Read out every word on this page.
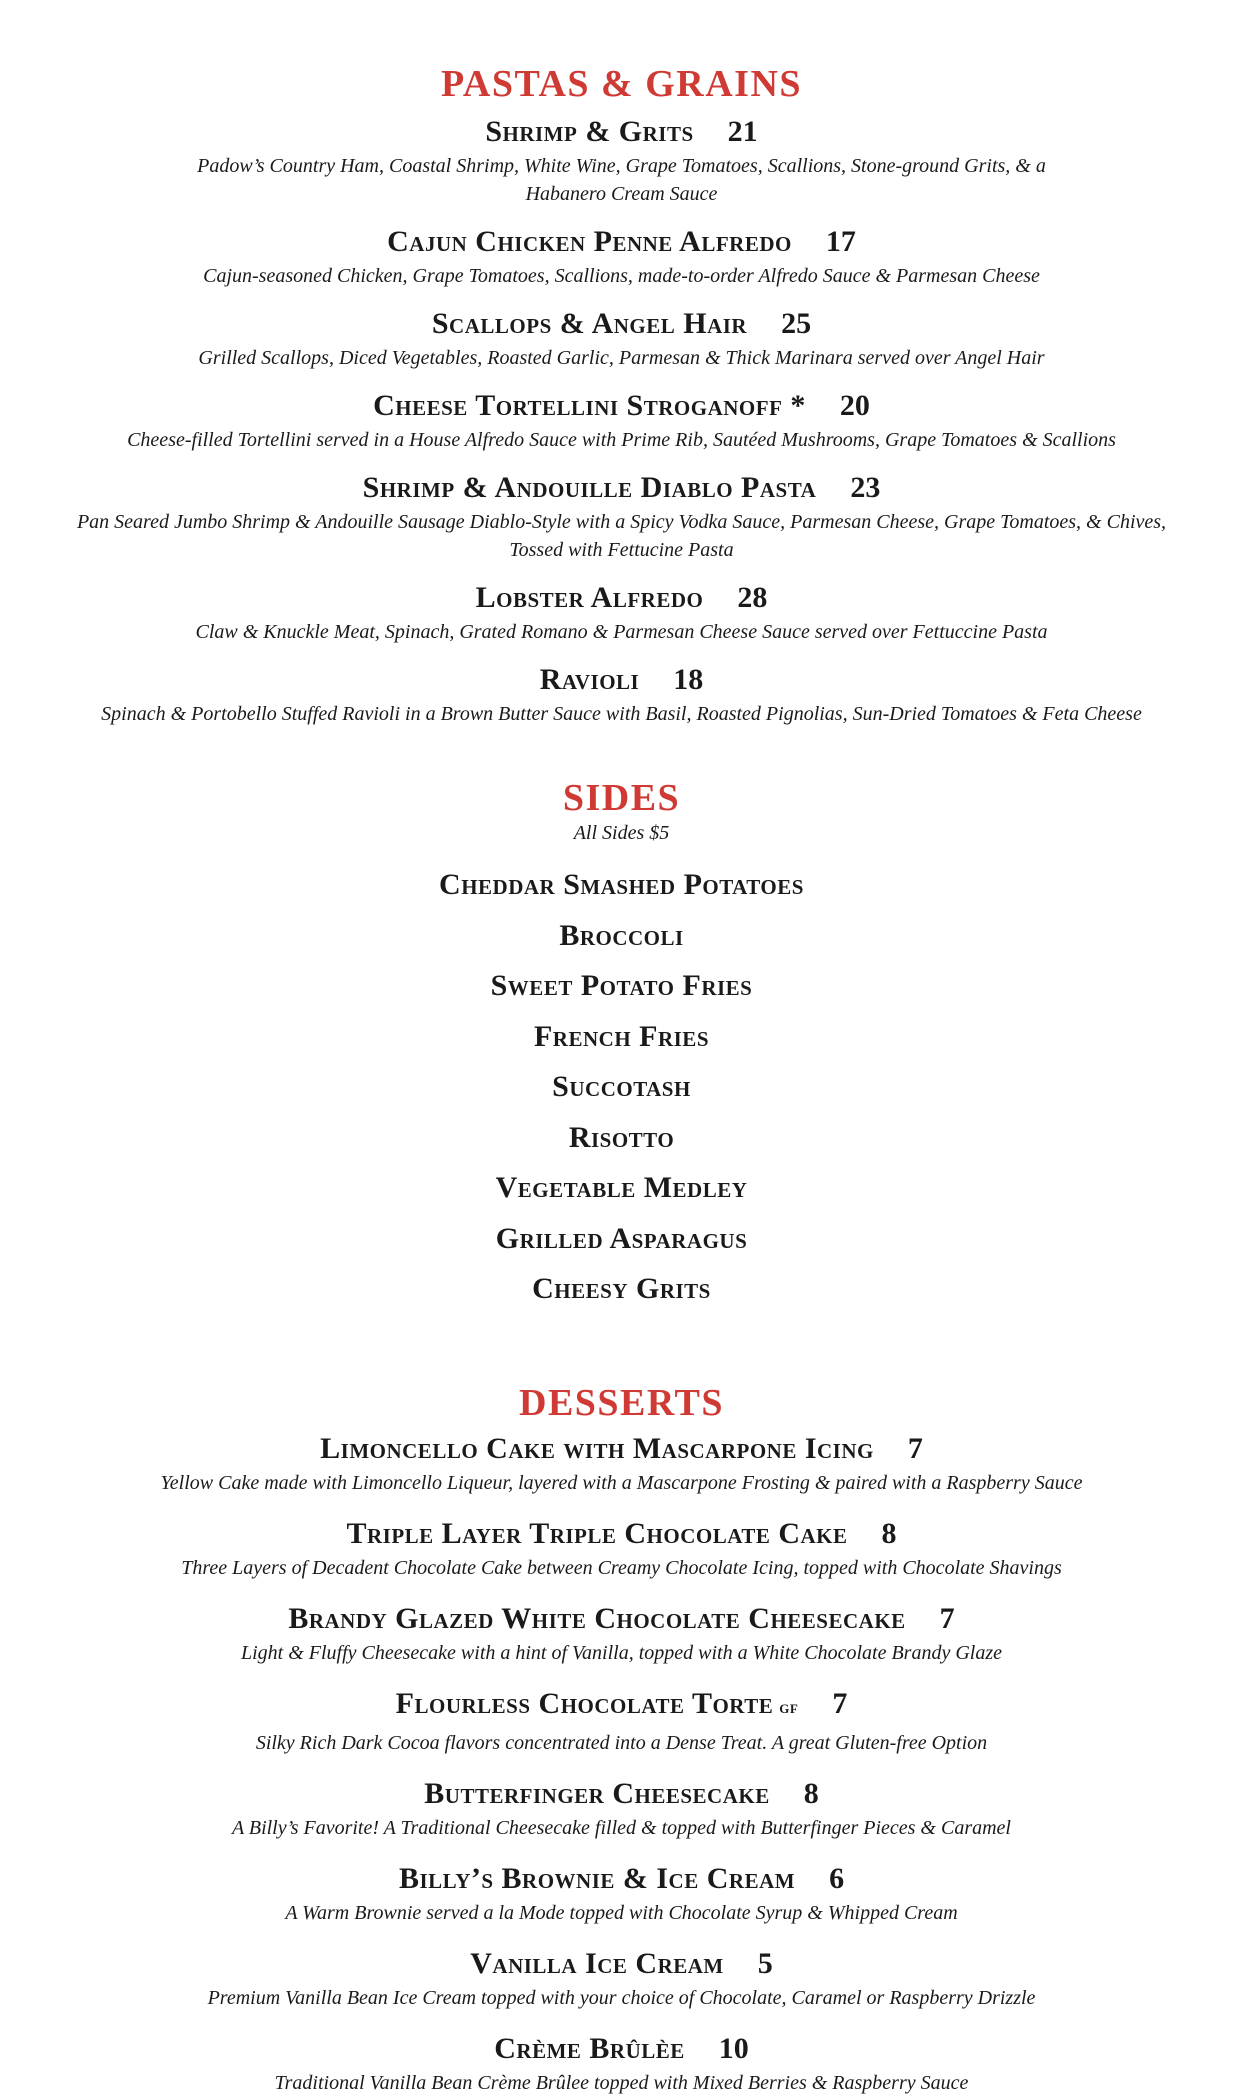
PASTAS & GRAINS

Shrimp & Grits 21

Padow’s Country Ham, Coastal Shrimp, White Wine, Grape Tomatoes, Scallions, Stone-ground Grits, & a Habanero Cream Sauce

Cajun Chicken Penne Alfredo 17

Cajun-seasoned Chicken, Grape Tomatoes, Scallions, made-to-order Alfredo Sauce & Parmesan Cheese

Scallops & Angel Hair 25

Grilled Scallops, Diced Vegetables, Roasted Garlic, Parmesan & Thick Marinara served over Angel Hair

Cheese Tortellini Stroganoff * 20

Cheese-filled Tortellini served in a House Alfredo Sauce with Prime Rib, Sautéed Mushrooms, Grape Tomatoes & Scallions

Shrimp & Andouille Diablo Pasta 23

Pan Seared Jumbo Shrimp & Andouille Sausage Diablo-Style with a Spicy Vodka Sauce, Parmesan Cheese, Grape Tomatoes, & Chives, Tossed with Fettucine Pasta

Lobster Alfredo 28

Claw & Knuckle Meat, Spinach, Grated Romano & Parmesan Cheese Sauce served over Fettuccine Pasta

Ravioli 18

Spinach & Portobello Stuffed Ravioli in a Brown Butter Sauce with Basil, Roasted Pignolias, Sun-Dried Tomatoes & Feta Cheese

SIDES

All Sides $5

Cheddar Smashed Potatoes

Broccoli

Sweet Potato Fries

French Fries

Succotash

Risotto

Vegetable Medley

Grilled Asparagus

Cheesy Grits

DESSERTS

Limoncello Cake with Mascarpone Icing 7

Yellow Cake made with Limoncello Liqueur, layered with a Mascarpone Frosting & paired with a Raspberry Sauce

Triple Layer Triple Chocolate Cake 8

Three Layers of Decadent Chocolate Cake between Creamy Chocolate Icing, topped with Chocolate Shavings

Brandy Glazed White Chocolate Cheesecake 7

Light & Fluffy Cheesecake with a hint of Vanilla, topped with a White Chocolate Brandy Glaze

Flourless Chocolate Torte GF 7

Silky Rich Dark Cocoa flavors concentrated into a Dense Treat. A great Gluten-free Option

Butterfinger Cheesecake 8

A Billy’s Favorite! A Traditional Cheesecake filled & topped with Butterfinger Pieces & Caramel

Billy’s Brownie & Ice Cream 6

A Warm Brownie served a la Mode topped with Chocolate Syrup & Whipped Cream

Vanilla Ice Cream 5

Premium Vanilla Bean Ice Cream topped with your choice of Chocolate, Caramel or Raspberry Drizzle

Crème Brûlèe 10

Traditional Vanilla Bean Crème Brûlee topped with Mixed Berries & Raspberry Sauce
